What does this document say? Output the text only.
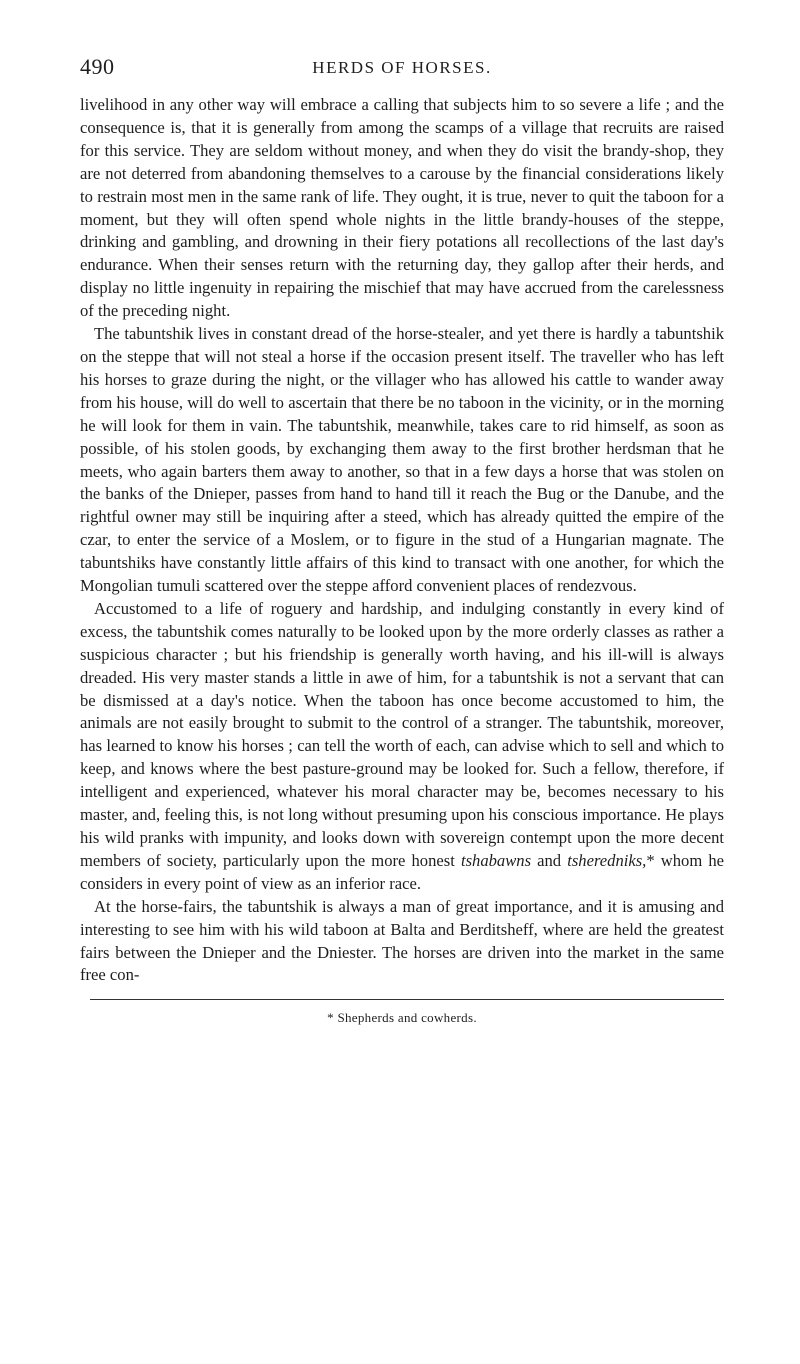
490	HERDS OF HORSES.

livelihood in any other way will embrace a calling that subjects him to so severe a life ; and the consequence is, that it is generally from among the scamps of a village that recruits are raised for this service. They are seldom without money, and when they do visit the brandy-shop, they are not deterred from abandoning themselves to a carouse by the financial considerations likely to restrain most men in the same rank of life. They ought, it is true, never to quit the taboon for a moment, but they will often spend whole nights in the little brandy-houses of the steppe, drinking and gambling, and drowning in their fiery potations all recollections of the last day's endurance. When their senses return with the returning day, they gallop after their herds, and display no little ingenuity in repairing the mischief that may have accrued from the carelessness of the preceding night.

The tabuntshik lives in constant dread of the horse-stealer, and yet there is hardly a tabuntshik on the steppe that will not steal a horse if the occasion present itself. The traveller who has left his horses to graze during the night, or the villager who has allowed his cattle to wander away from his house, will do well to ascertain that there be no taboon in the vicinity, or in the morning he will look for them in vain. The tabuntshik, meanwhile, takes care to rid himself, as soon as possible, of his stolen goods, by exchanging them away to the first brother herdsman that he meets, who again barters them away to another, so that in a few days a horse that was stolen on the banks of the Dnieper, passes from hand to hand till it reach the Bug or the Danube, and the rightful owner may still be inquiring after a steed, which has already quitted the empire of the czar, to enter the service of a Moslem, or to figure in the stud of a Hungarian magnate. The tabuntshiks have constantly little affairs of this kind to transact with one another, for which the Mongolian tumuli scattered over the steppe afford convenient places of rendezvous.

Accustomed to a life of roguery and hardship, and indulging constantly in every kind of excess, the tabuntshik comes naturally to be looked upon by the more orderly classes as rather a suspicious character ; but his friendship is generally worth having, and his ill-will is always dreaded. His very master stands a little in awe of him, for a tabuntshik is not a servant that can be dismissed at a day's notice. When the taboon has once become accustomed to him, the animals are not easily brought to submit to the control of a stranger. The tabuntshik, moreover, has learned to know his horses ; can tell the worth of each, can advise which to sell and which to keep, and knows where the best pasture-ground may be looked for. Such a fellow, therefore, if intelligent and experienced, whatever his moral character may be, becomes necessary to his master, and, feeling this, is not long without presuming upon his conscious importance. He plays his wild pranks with impunity, and looks down with sovereign contempt upon the more decent members of society, particularly upon the more honest tshabawns and tsheredniks,* whom he considers in every point of view as an inferior race.

At the horse-fairs, the tabuntshik is always a man of great importance, and it is amusing and interesting to see him with his wild taboon at Balta and Berditsheff, where are held the greatest fairs between the Dnieper and the Dniester. The horses are driven into the market in the same free con-

* Shepherds and cowherds.
